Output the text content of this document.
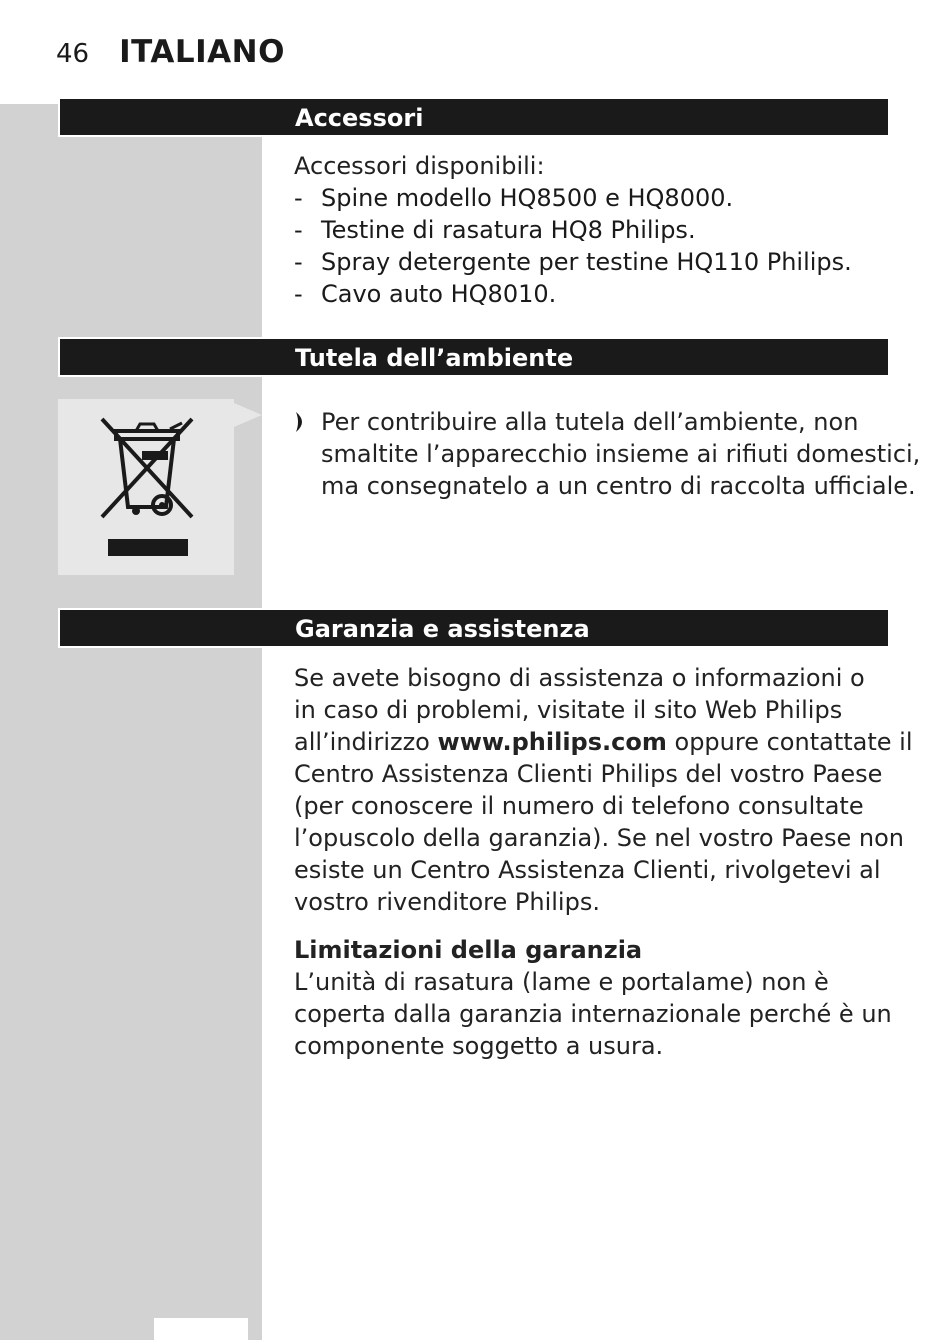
46 ITALIANO
Accessori
Accessori disponibili:
- Spine modello HQ8500 e HQ8000.
- Testine di rasatura HQ8 Philips.
- Spray detergente per testine HQ110 Philips.
- Cavo auto HQ8010.
Tutela dell’ambiente

Per contribuire alla tutela dell’ambiente, non

smaltite l’apparecchio insieme ai rifiuti domestici,

ma consegnatelo a un centro di raccolta ufficiale.

Garanzia e assistenza

Se avete bisogno di assistenza o informazioni o

in caso di problemi, visitate il sito Web Philips

all’indirizzo www.philips.com oppure contattate il

Centro Assistenza Clienti Philips del vostro Paese

(per conoscere il numero di telefono consultate

l’opuscolo della garanzia). Se nel vostro Paese non

esiste un Centro Assistenza Clienti, rivolgetevi al

vostro rivenditore Philips.

Limitazioni della garanzia

L’unità di rasatura (lame e portalame) non è

coperta dalla garanzia internazionale perché è un

componente soggetto a usura.
